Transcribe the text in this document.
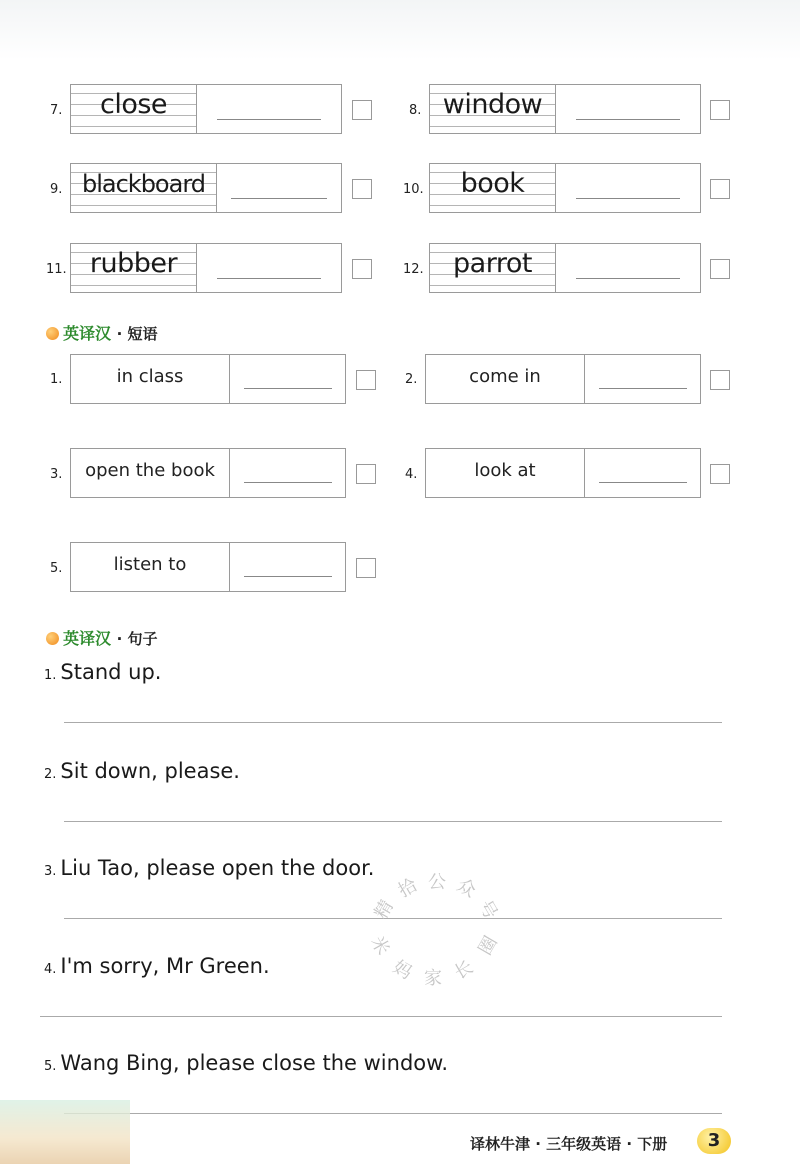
7.	close	8. window
9. blackboard	10.	book
11. rubber	12.	parrot
英译汉 · 短语
1.	in class	2.	come in
3.	open the book	4.	look at
5.	listen to
英译汉 · 句子
1. Stand up.
2. Sit down, please.
3. Liu Tao, please open the door.
4. I'm sorry, Mr Green.
5. Wang Bing, please close the window.
精
拾 公 众
号
米
妈 家 长
圈
译林牛津 · 三年级英语 · 下册	3
